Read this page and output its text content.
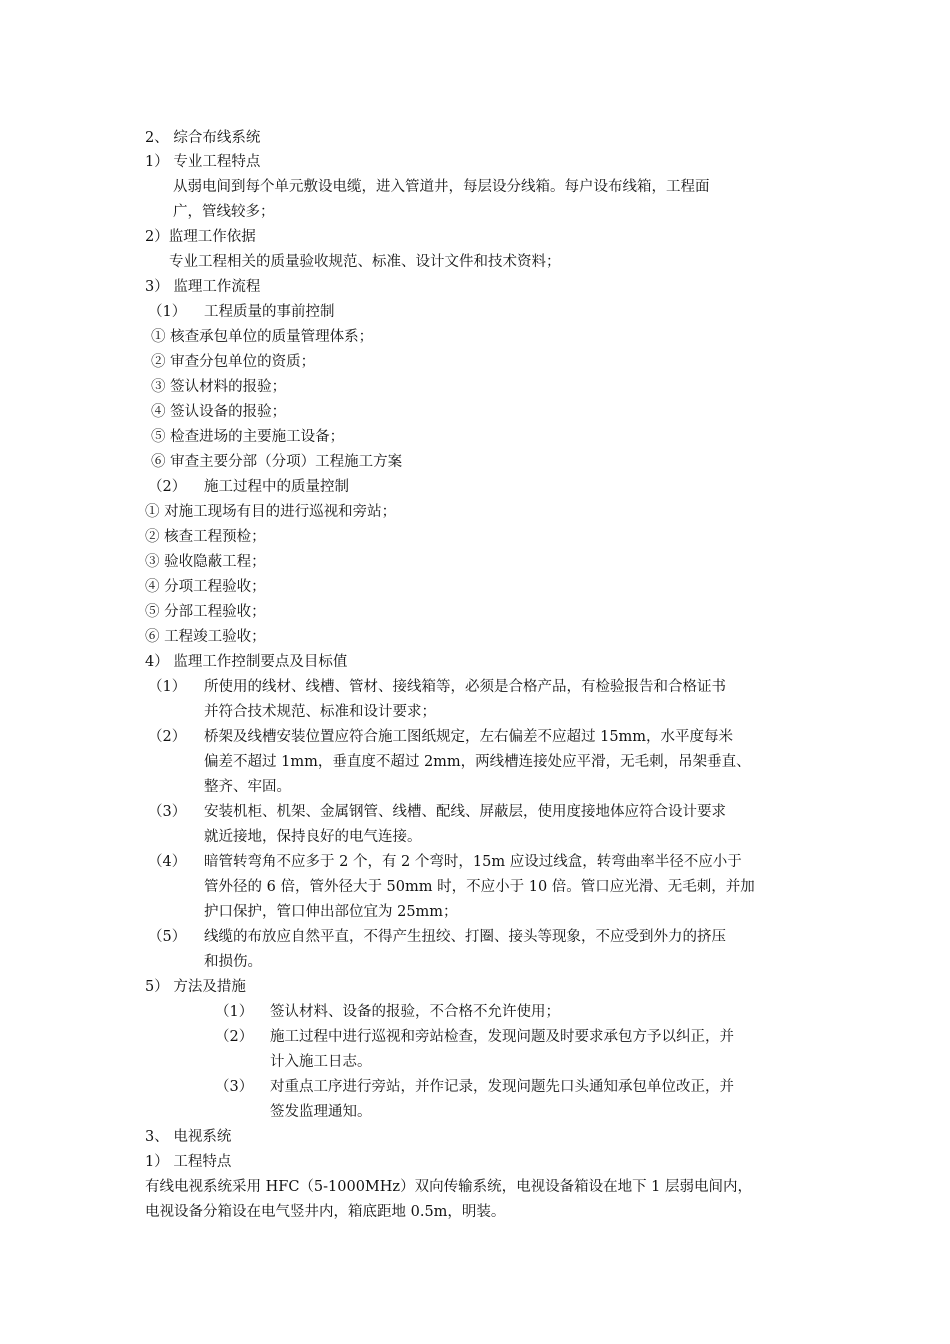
2、 综合布线系统
1） 专业工程特点
从弱电间到每个单元敷设电缆，进入管道井，每层设分线箱。每户设布线箱，工程面
广，管线较多；
2）监理工作依据
专业工程相关的质量验收规范、标准、设计文件和技术资料；
3） 监理工作流程
（1） 工程质量的事前控制
① 核查承包单位的质量管理体系；
② 审查分包单位的资质；
③ 签认材料的报验；
④ 签认设备的报验；
⑤ 检查进场的主要施工设备；
⑥ 审查主要分部（分项）工程施工方案
（2） 施工过程中的质量控制
① 对施工现场有目的进行巡视和旁站；
② 核查工程预检；
③ 验收隐蔽工程；
④ 分项工程验收；
⑤ 分部工程验收；
⑥ 工程竣工验收；
4） 监理工作控制要点及目标值
（1） 所使用的线材、线槽、管材、接线箱等，必须是合格产品，有检验报告和合格证书
并符合技术规范、标准和设计要求；
（2） 桥架及线槽安装位置应符合施工图纸规定，左右偏差不应超过 15mm，水平度每米
偏差不超过 1mm，垂直度不超过 2mm，两线槽连接处应平滑，无毛刺，吊架垂直、
整齐、牢固。
（3） 安装机柜、机架、金属钢管、线槽、配线、屏蔽层，使用度接地体应符合设计要求
就近接地，保持良好的电气连接。
（4） 暗管转弯角不应多于 2 个，有 2 个弯时，15m 应设过线盒，转弯曲率半径不应小于
管外径的 6 倍，管外径大于 50mm 时，不应小于 10 倍。管口应光滑、无毛刺，并加
护口保护，管口伸出部位宜为 25mm；
（5） 线缆的布放应自然平直，不得产生扭绞、打圈、接头等现象，不应受到外力的挤压
和损伤。
5） 方法及措施
（1） 签认材料、设备的报验，不合格不允许使用；
（2） 施工过程中进行巡视和旁站检查，发现问题及时要求承包方予以纠正，并
计入施工日志。
（3） 对重点工序进行旁站，并作记录，发现问题先口头通知承包单位改正，并
签发监理通知。
3、 电视系统
1） 工程特点
有线电视系统采用 HFC（5-1000MHz）双向传输系统，电视设备箱设在地下 1 层弱电间内，
电视设备分箱设在电气竖井内，箱底距地 0.5m，明装。
